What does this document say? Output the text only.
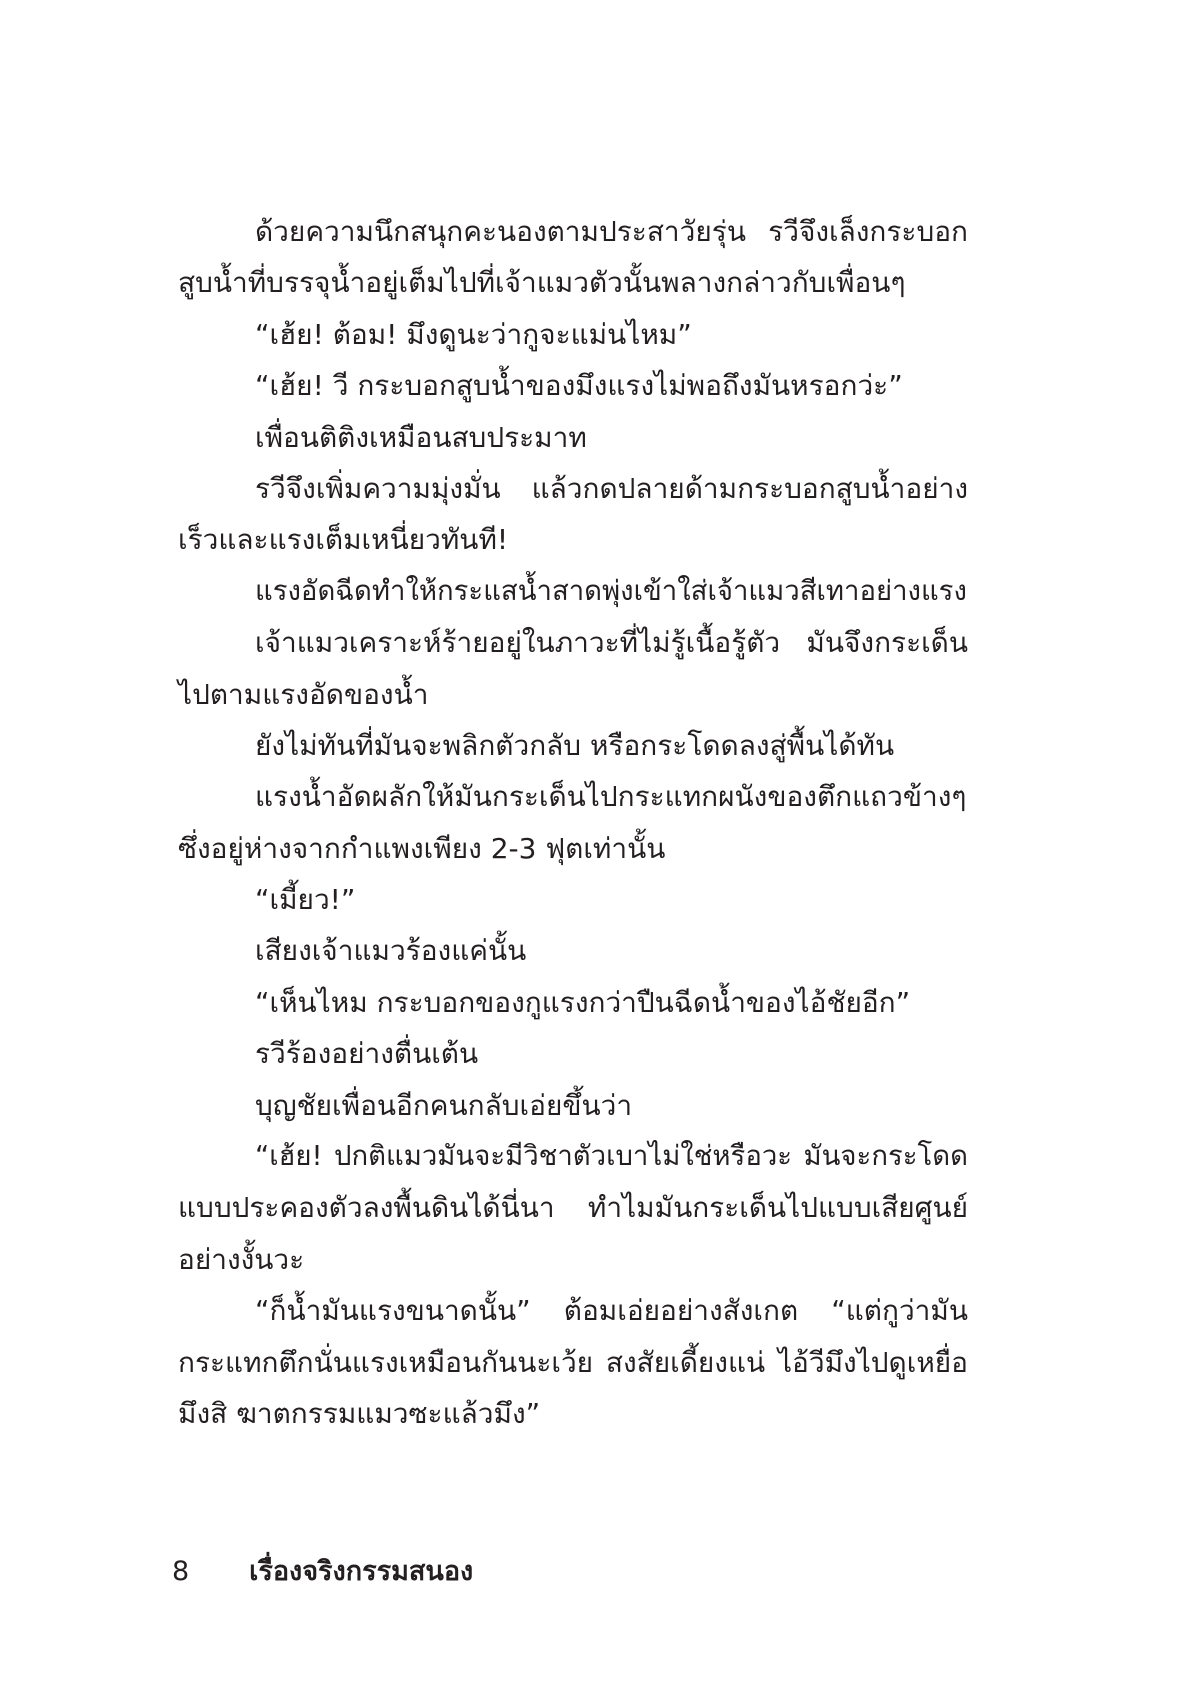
ด้วยความนึกสนุกคะนองตามประสาวัยรุ่น รวีจึงเล็งกระบอก
สูบน้ำที่บรรจุน้ำอยู่เต็มไปที่เจ้าแมวตัวนั้นพลางกล่าวกับเพื่อนๆ
“เฮ้ย! ต้อม! มึงดูนะว่ากูจะแม่นไหม”
“เฮ้ย! วี กระบอกสูบน้ำของมึงแรงไม่พอถึงมันหรอกว่ะ”
เพื่อนติติงเหมือนสบประมาท
รวีจึงเพิ่มความมุ่งมั่น แล้วกดปลายด้ามกระบอกสูบน้ำอย่าง
เร็วและแรงเต็มเหนี่ยวทันที!
แรงอัดฉีดทำให้กระแสน้ำสาดพุ่งเข้าใส่เจ้าแมวสีเทาอย่างแรง
เจ้าแมวเคราะห์ร้ายอยู่ในภาวะที่ไม่รู้เนื้อรู้ตัว มันจึงกระเด็น
ไปตามแรงอัดของน้ำ
ยังไม่ทันที่มันจะพลิกตัวกลับ หรือกระโดดลงสู่พื้นได้ทัน
แรงน้ำอัดผลักให้มันกระเด็นไปกระแทกผนังของตึกแถวข้างๆ
ซึ่งอยู่ห่างจากกำแพงเพียง 2-3 ฟุตเท่านั้น
“เมี้ยว!”
เสียงเจ้าแมวร้องแค่นั้น
“เห็นไหม กระบอกของกูแรงกว่าปืนฉีดน้ำของไอ้ชัยอีก”
รวีร้องอย่างตื่นเต้น
บุญชัยเพื่อนอีกคนกลับเอ่ยขึ้นว่า
“เฮ้ย! ปกติแมวมันจะมีวิชาตัวเบาไม่ใช่หรือวะ มันจะกระโดด
แบบประคองตัวลงพื้นดินได้นี่นา ทำไมมันกระเด็นไปแบบเสียศูนย์
อย่างงั้นวะ
“ก็น้ำมันแรงขนาดนั้น” ต้อมเอ่ยอย่างสังเกต “แต่กูว่ามัน
กระแทกตึกนั่นแรงเหมือนกันนะเว้ย สงสัยเดี้ยงแน่ ไอ้วีมึงไปดูเหยื่อ
มึงสิ ฆาตกรรมแมวซะแล้วมึง”
8 เรื่องจริงกรรมสนอง
